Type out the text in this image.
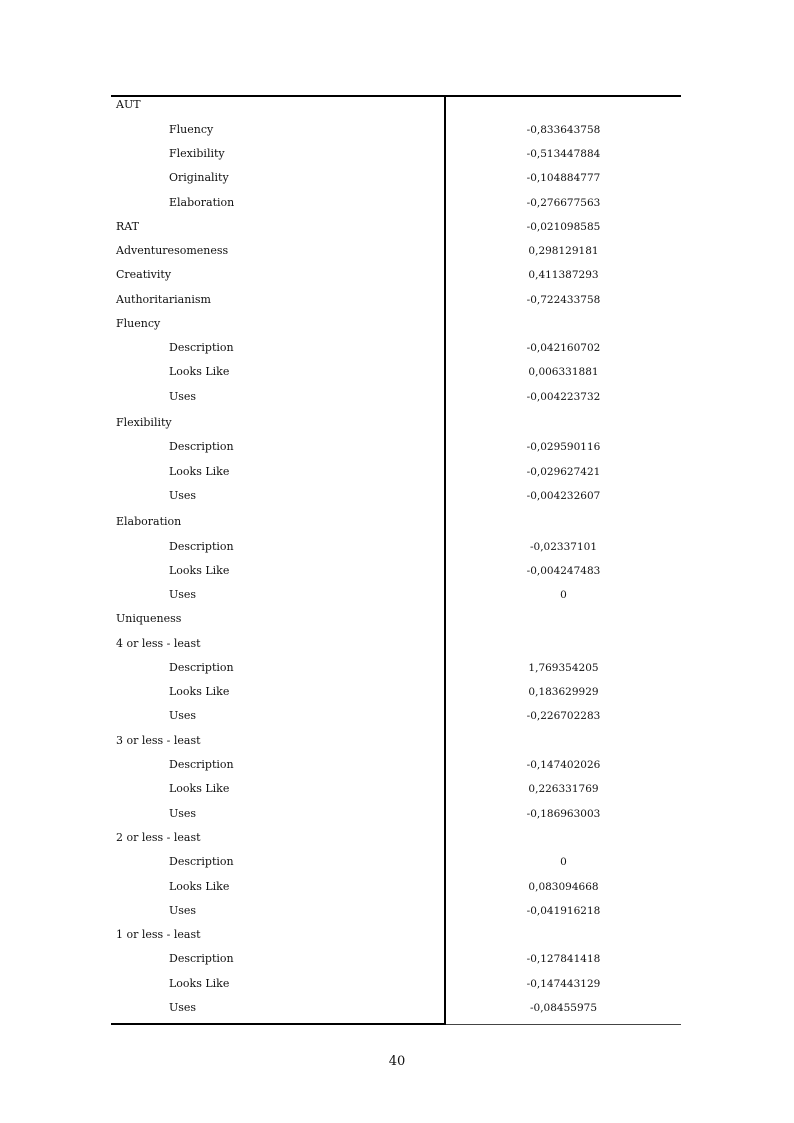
AUT
Fluency	-0,833643758
Flexibility	-0,513447884
Originality	-0,104884777
Elaboration	-0,276677563
RAT	-0,021098585
Adventuresomeness	0,298129181
Creativity	0,411387293
Authoritarianism	-0,722433758
Fluency
Description	-0,042160702
Looks Like	0,006331881
Uses	-0,004223732
Flexibility
Description	-0,029590116
Looks Like	-0,029627421
Uses	-0,004232607
Elaboration
Description	-0,02337101
Looks Like	-0,004247483
Uses	0
Uniqueness
4 or less - least
Description	1,769354205
Looks Like	0,183629929
Uses	-0,226702283
3 or less - least
Description	-0,147402026
Looks Like	0,226331769
Uses	-0,186963003
2 or less - least
Description	0
Looks Like	0,083094668
Uses	-0,041916218
1 or less - least
Description	-0,127841418
Looks Like	-0,147443129
Uses	-0,08455975
40
